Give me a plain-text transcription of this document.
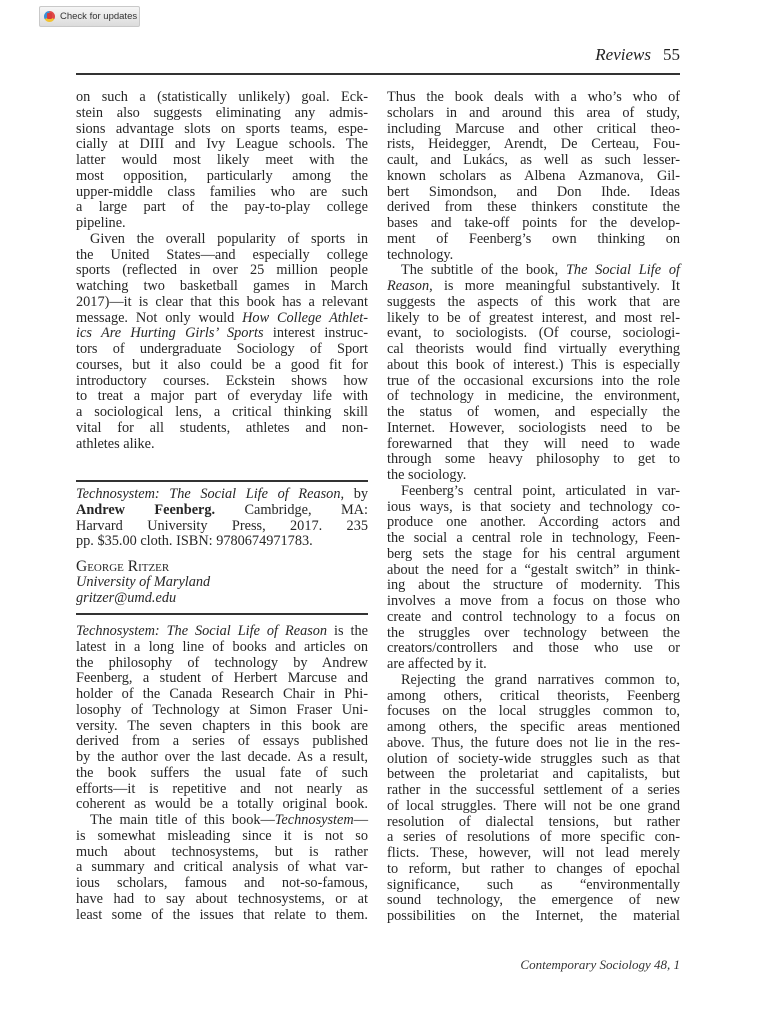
Check for updates
Reviews 55
on such a (statistically unlikely) goal. Eck-
stein also suggests eliminating any admis-
sions advantage slots on sports teams, espe-
cially at DIII and Ivy League schools. The
latter would most likely meet with the
most opposition, particularly among the
upper-middle class families who are such
a large part of the pay-to-play college
pipeline.
Given the overall popularity of sports in
the United States—and especially college
sports (reflected in over 25 million people
watching two basketball games in March
2017)—it is clear that this book has a relevant
message. Not only would How College Athlet-
ics Are Hurting Girls’ Sports interest instruc-
tors of undergraduate Sociology of Sport
courses, but it also could be a good fit for
introductory courses. Eckstein shows how
to treat a major part of everyday life with
a sociological lens, a critical thinking skill
vital for all students, athletes and non-
athletes alike.
Technosystem: The Social Life of Reason, by
Andrew Feenberg. Cambridge, MA:
Harvard University Press, 2017. 235
pp. $35.00 cloth. ISBN: 9780674971783.
George Ritzer
University of Maryland
gritzer@umd.edu
Technosystem: The Social Life of Reason is the
latest in a long line of books and articles on
the philosophy of technology by Andrew
Feenberg, a student of Herbert Marcuse and
holder of the Canada Research Chair in Phi-
losophy of Technology at Simon Fraser Uni-
versity. The seven chapters in this book are
derived from a series of essays published
by the author over the last decade. As a result,
the book suffers the usual fate of such
efforts—it is repetitive and not nearly as
coherent as would be a totally original book.
The main title of this book—Technosystem—
is somewhat misleading since it is not so
much about technosystems, but is rather
a summary and critical analysis of what var-
ious scholars, famous and not-so-famous,
have had to say about technosystems, or at
least some of the issues that relate to them.
Thus the book deals with a who’s who of
scholars in and around this area of study,
including Marcuse and other critical theo-
rists, Heidegger, Arendt, De Certeau, Fou-
cault, and Lukács, as well as such lesser-
known scholars as Albena Azmanova, Gil-
bert Simondson, and Don Ihde. Ideas
derived from these thinkers constitute the
bases and take-off points for the develop-
ment of Feenberg’s own thinking on
technology.
The subtitle of the book, The Social Life of
Reason, is more meaningful substantively. It
suggests the aspects of this work that are
likely to be of greatest interest, and most rel-
evant, to sociologists. (Of course, sociologi-
cal theorists would find virtually everything
about this book of interest.) This is especially
true of the occasional excursions into the role
of technology in medicine, the environment,
the status of women, and especially the
Internet. However, sociologists need to be
forewarned that they will need to wade
through some heavy philosophy to get to
the sociology.
Feenberg’s central point, articulated in var-
ious ways, is that society and technology co-
produce one another. According actors and
the social a central role in technology, Feen-
berg sets the stage for his central argument
about the need for a “gestalt switch” in think-
ing about the structure of modernity. This
involves a move from a focus on those who
create and control technology to a focus on
the struggles over technology between the
creators/controllers and those who use or
are affected by it.
Rejecting the grand narratives common to,
among others, critical theorists, Feenberg
focuses on the local struggles common to,
among others, the specific areas mentioned
above. Thus, the future does not lie in the res-
olution of society-wide struggles such as that
between the proletariat and capitalists, but
rather in the successful settlement of a series
of local struggles. There will not be one grand
resolution of dialectal tensions, but rather
a series of resolutions of more specific con-
flicts. These, however, will not lead merely
to reform, but rather to changes of epochal
significance, such as “environmentally
sound technology, the emergence of new
possibilities on the Internet, the material
Contemporary Sociology 48, 1
